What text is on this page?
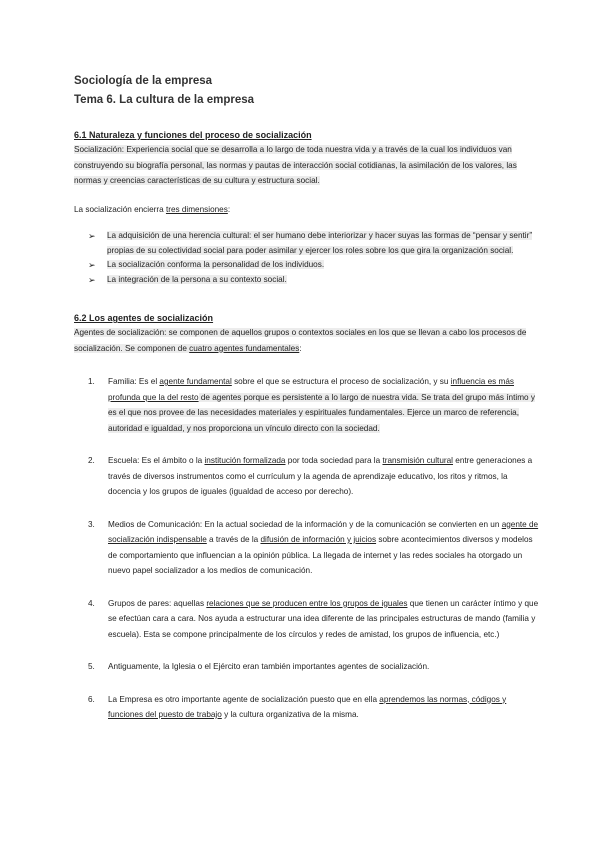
Sociología de la empresa
Tema 6. La cultura de la empresa
6.1 Naturaleza y funciones del proceso de socialización

Socialización: Experiencia social que se desarrolla a lo largo de toda nuestra vida y a través de la cual los individuos van construyendo su biografía personal, las normas y pautas de interacción social cotidianas, la asimilación de los valores, las normas y creencias características de su cultura y estructura social.

La socialización encierra tres dimensiones:

➢ La adquisición de una herencia cultural: el ser humano debe interiorizar y hacer suyas las formas de “pensar y sentir” propias de su colectividad social para poder asimilar y ejercer los roles sobre los que gira la organización social.
➢ La socialización conforma la personalidad de los individuos.
➢ La integración de la persona a su contexto social.
6.2 Los agentes de socialización

Agentes de socialización: se componen de aquellos grupos o contextos sociales en los que se llevan a cabo los procesos de socialización. Se componen de cuatro agentes fundamentales:

1. Familia: Es el agente fundamental sobre el que se estructura el proceso de socialización, y su influencia es más profunda que la del resto de agentes porque es persistente a lo largo de nuestra vida. Se trata del grupo más íntimo y es el que nos provee de las necesidades materiales y espirituales fundamentales. Ejerce un marco de referencia, autoridad e igualdad, y nos proporciona un vínculo directo con la sociedad.
2. Escuela: Es el ámbito o la institución formalizada por toda sociedad para la transmisión cultural entre generaciones a través de diversos instrumentos como el currículum y la agenda de aprendizaje educativo, los ritos y ritmos, la docencia y los grupos de iguales (igualdad de acceso por derecho).
3. Medios de Comunicación: En la actual sociedad de la información y de la comunicación se convierten en un agente de socialización indispensable a través de la difusión de información y juicios sobre acontecimientos diversos y modelos de comportamiento que influencian a la opinión pública. La llegada de internet y las redes sociales ha otorgado un nuevo papel socializador a los medios de comunicación.
4. Grupos de pares: aquellas relaciones que se producen entre los grupos de iguales que tienen un carácter íntimo y que se efectúan cara a cara. Nos ayuda a estructurar una idea diferente de las principales estructuras de mando (familia y escuela). Esta se compone principalmente de los círculos y redes de amistad, los grupos de influencia, etc.)
5. Antiguamente, la Iglesia o el Ejército eran también importantes agentes de socialización.
6. La Empresa es otro importante agente de socialización puesto que en ella aprendemos las normas, códigos y funciones del puesto de trabajo y la cultura organizativa de la misma.
